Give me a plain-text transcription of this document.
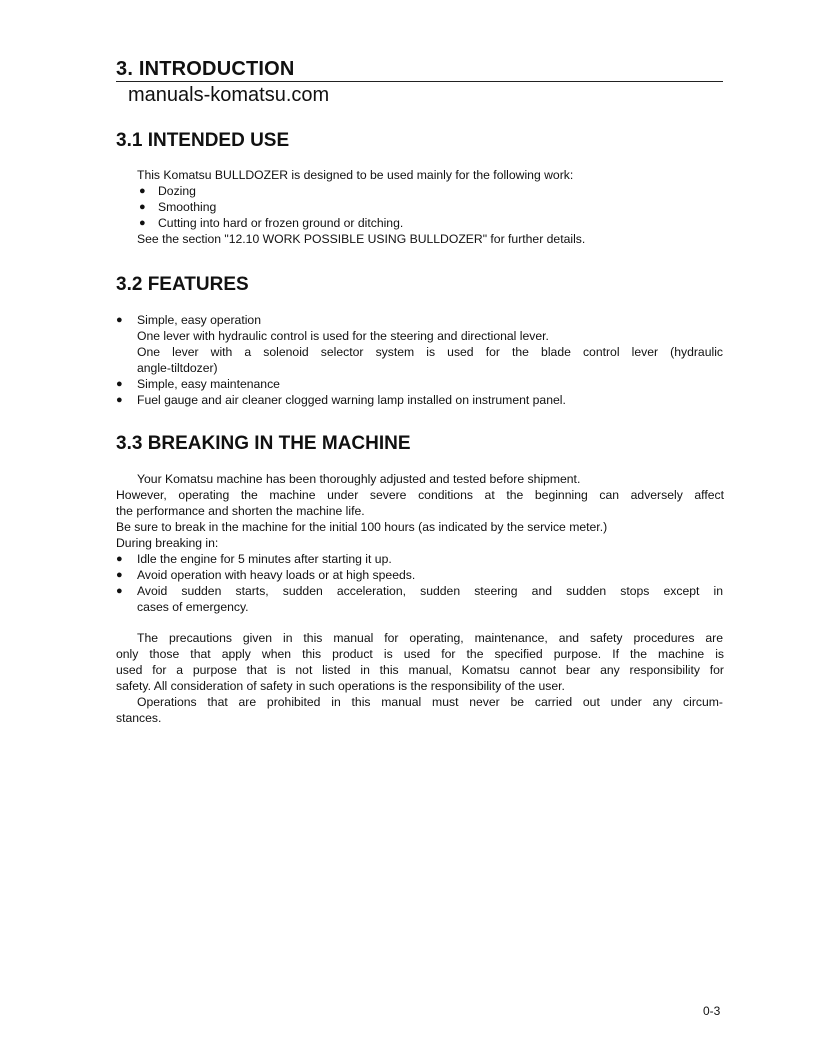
3. INTRODUCTION
manuals-komatsu.com
3.1 INTENDED USE

This Komatsu BULLDOZER is designed to be used mainly for the following work:

● Dozing

● Smoothing

● Cutting into hard or frozen ground or ditching.

See the section "12.10 WORK POSSIBLE USING BULLDOZER" for further details.

3.2 FEATURES
● Simple, easy operation

One lever with hydraulic control is used for the steering and directional lever.

One lever with a solenoid selector system is used for the blade control lever (hydraulic

angle-tiltdozer)

● Simple, easy maintenance

● Fuel gauge and air cleaner clogged warning lamp installed on instrument panel.

3.3 BREAKING IN THE MACHINE

Your Komatsu machine has been thoroughly adjusted and tested before shipment.

However, operating the machine under severe conditions at the beginning can adversely affect

the performance and shorten the machine life.

Be sure to break in the machine for the initial 100 hours (as indicated by the service meter.)

During breaking in:

● Idle the engine for 5 minutes after starting it up.

● Avoid operation with heavy loads or at high speeds.

● Avoid sudden starts, sudden acceleration, sudden steering and sudden stops except in

cases of emergency.

The precautions given in this manual for operating, maintenance, and safety procedures are

only those that apply when this product is used for the specified purpose. If the machine is

used for a purpose that is not listed in this manual, Komatsu cannot bear any responsibility for

safety. All consideration of safety in such operations is the responsibility of the user.

Operations that are prohibited in this manual must never be carried out under any circum-

stances.

0-3
